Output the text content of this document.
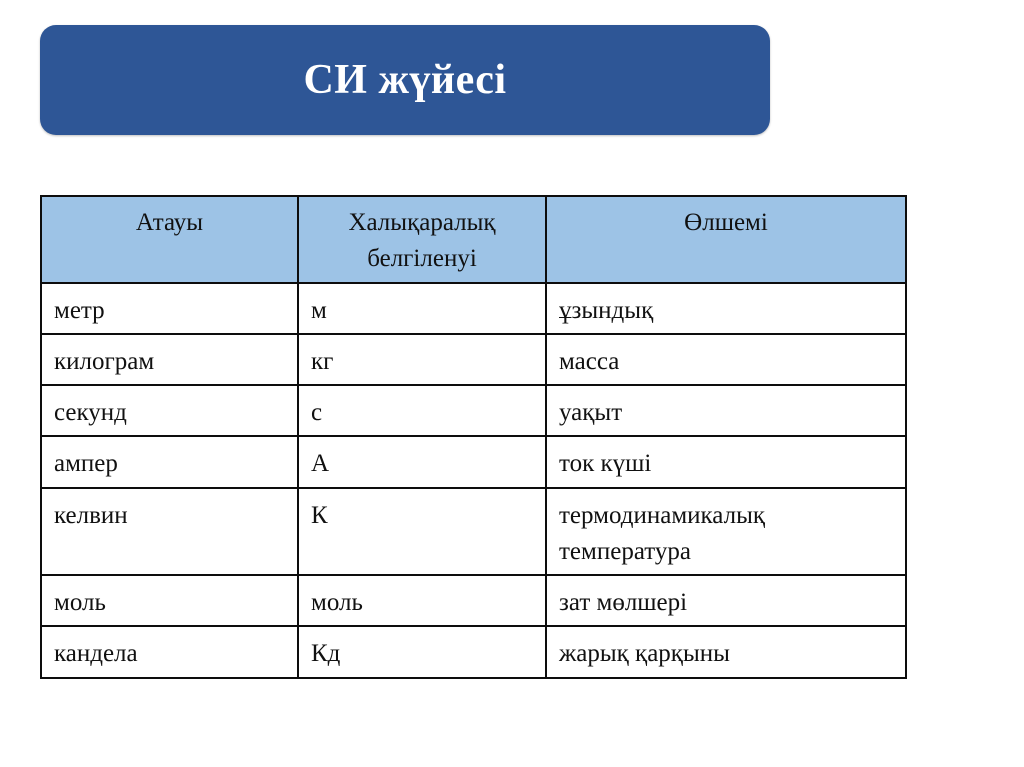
СИ жүйесі
Атауы	Халықаралық белгіленуі	Өлшемі
метр	м	ұзындық
килограм	кг	масса
секунд	с	уақыт
ампер	А	ток күші
келвин	К	термодинамикалық температура
моль	моль	зат мөлшері
кандела	Кд	жарық қарқыны
